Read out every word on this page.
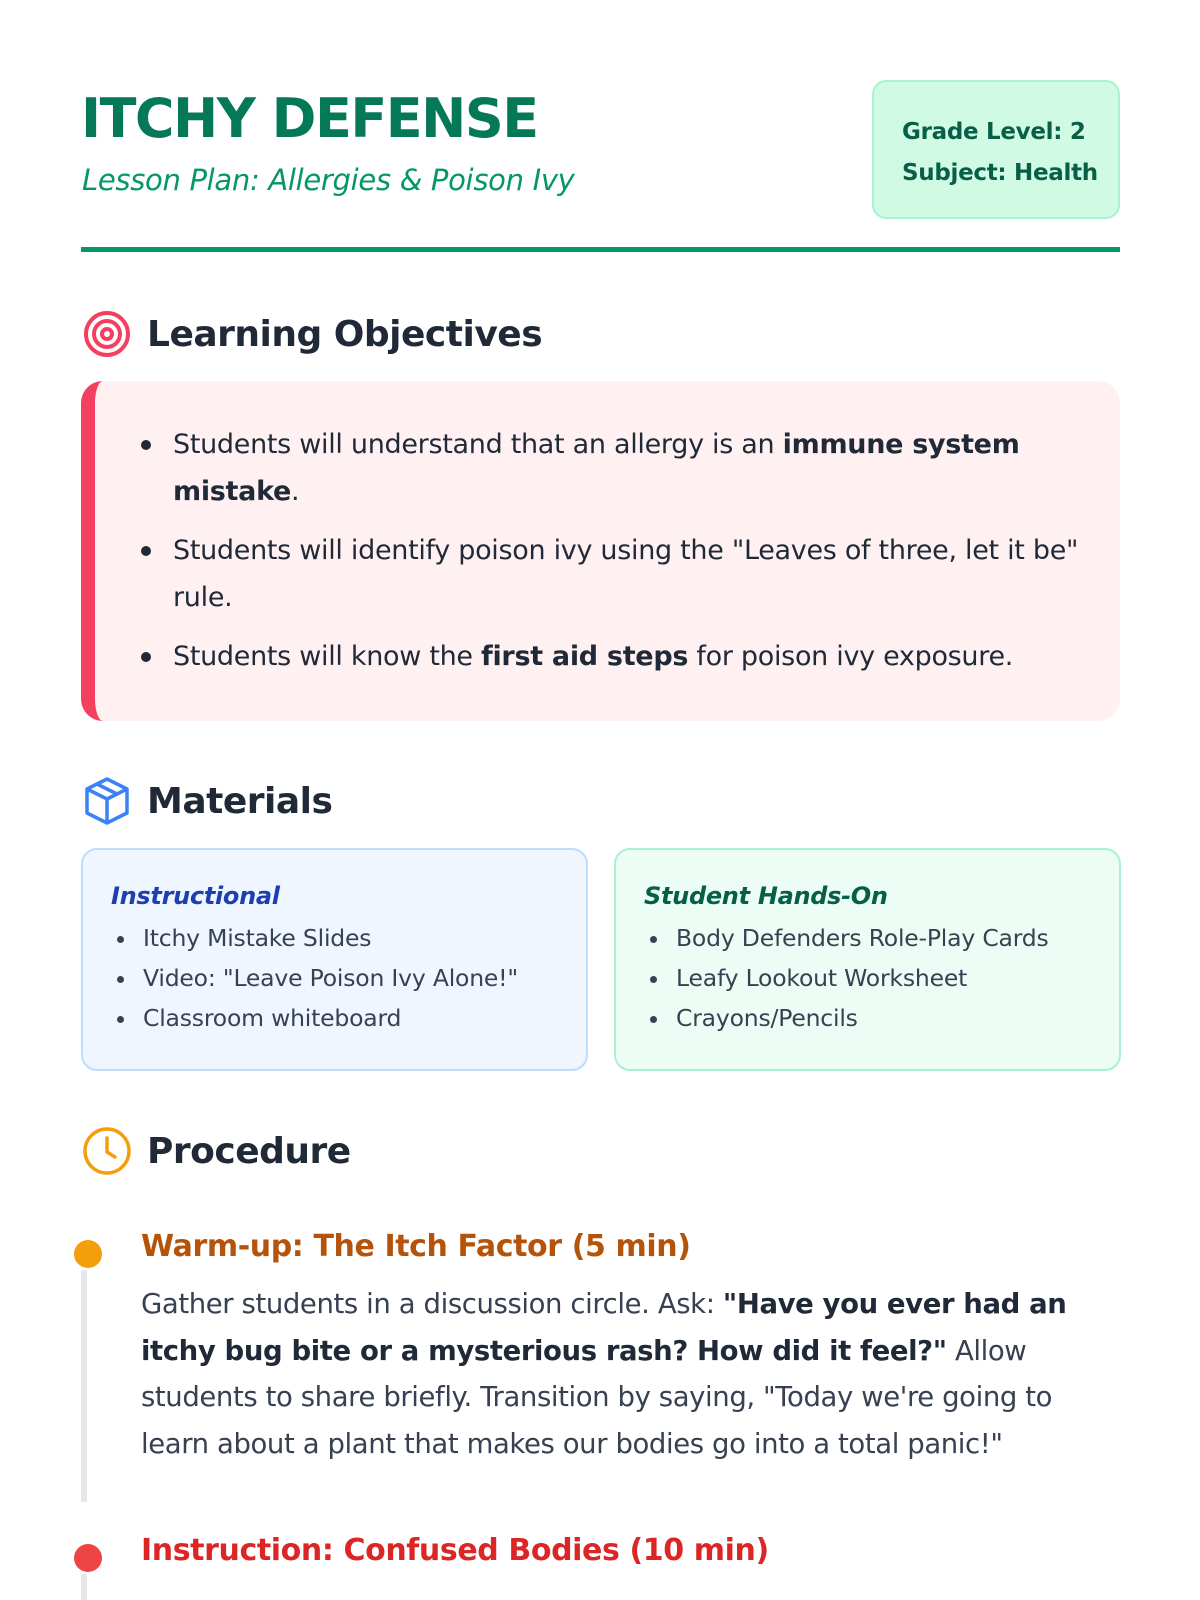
ITCHY DEFENSE
Lesson Plan: Allergies & Poison Ivy
Grade Level: 2
Subject: Health
Learning Objectives
Students will understand that an allergy is an immune system mistake.
Students will identify poison ivy using the "Leaves of three, let it be" rule.
Students will know the first aid steps for poison ivy exposure.
Materials
Instructional
Itchy Mistake Slides
Video: "Leave Poison Ivy Alone!"
Classroom whiteboard
Student Hands-On
Body Defenders Role-Play Cards
Leafy Lookout Worksheet
Crayons/Pencils
Procedure
Warm-up: The Itch Factor (5 min)

Gather students in a discussion circle. Ask: "Have you ever had an itchy bug bite or a mysterious rash? How did it feel?" Allow students to share briefly. Transition by saying, "Today we're going to learn about a plant that makes our bodies go into a total panic!"

Instruction: Confused Bodies (10 min)
